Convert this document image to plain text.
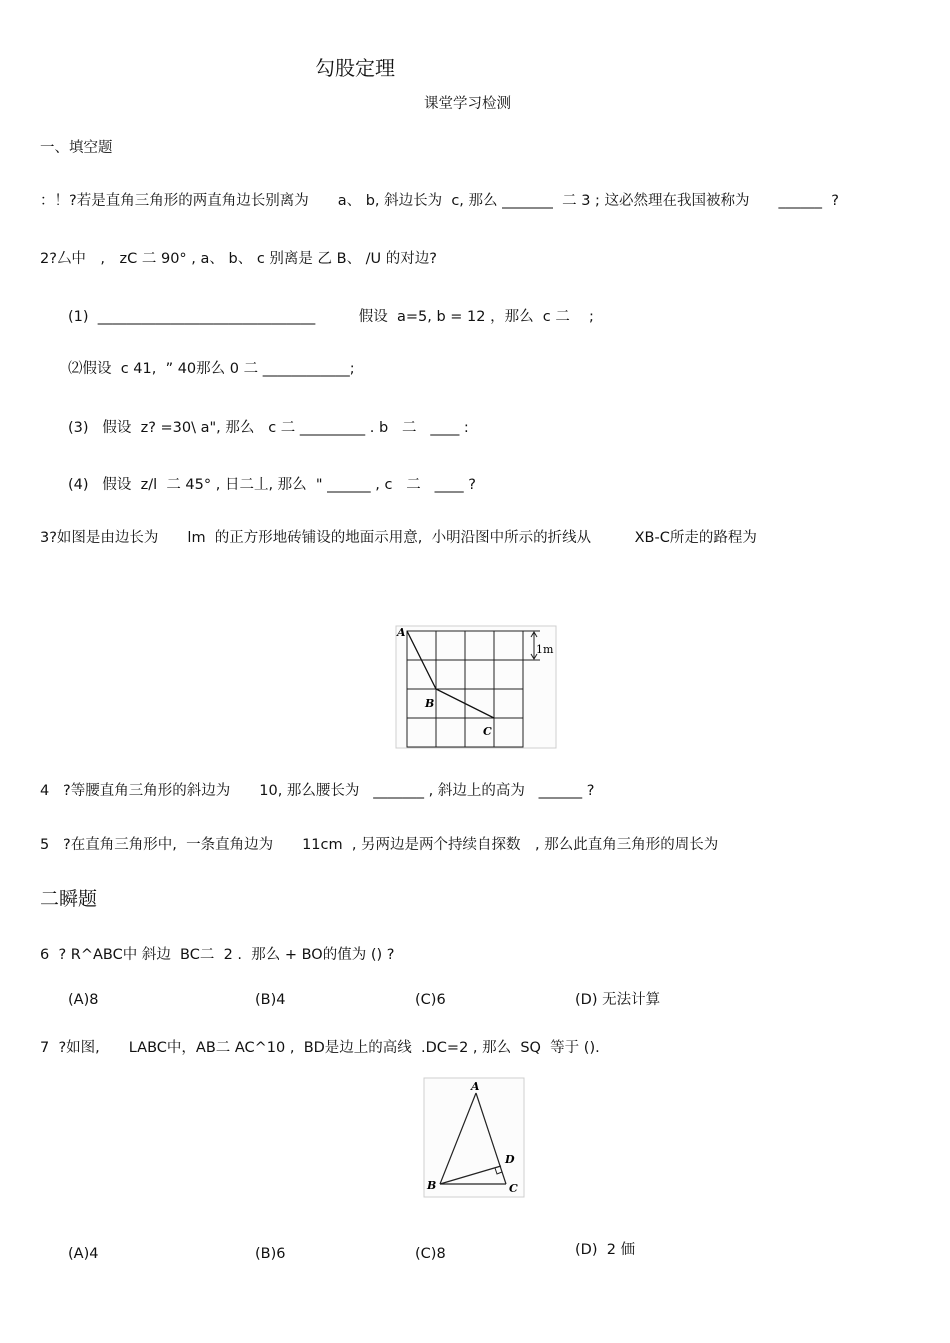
勾股定理
课堂学习检测
一、填空题
：！?若是直角三角形的两直角边长别离为　　a、 b, 斜边长为  c, 那么 _______  二 3 ; 这必然理在我国被称为　　______  ?
2?厶中　,　zC 二 90° , a、 b、 c 别离是 乙 B、 /U 的对边?
(1)  ______________________________　　　假设  a=5, b = 12 ，那么  c 二　 ;
⑵假设  c 41,  ” 40那么 0 二 ____________;
(3)   假设  z? =30\ a", 那么   c 二 _________ . b   二   ____ :
(4)   假设  z/l  二 45° , 日二丄, 那么  " ______ , c   二   ____ ?
3?如图是由边长为　　lm  的正方形地砖铺设的地面示用意,  小明沿图中所示的折线从　　　XB-C所走的路程为
A
B
C
1m
4   ?等腰直角三角形的斜边为　　10, 那么腰长为   _______ , 斜边上的高为   ______ ?
5   ?在直角三角形中,  一条直角边为　　11cm  , 另两边是两个持续自探数　, 那么此直角三角形的周长为
二瞬题
6  ? R^ABC中 斜边  BC二  2 .  那么 + BO的值为 () ?
(A)8	(B)4	(C)6	(D) 无法计算
7  ?如图,　　LABC中，AB二 AC^10 ,  BD是边上的高线  .DC=2 , 那么  SQ  等于 ().
A
B	C
D
(A)4	(B)6	(C)8	(D)  2 価
